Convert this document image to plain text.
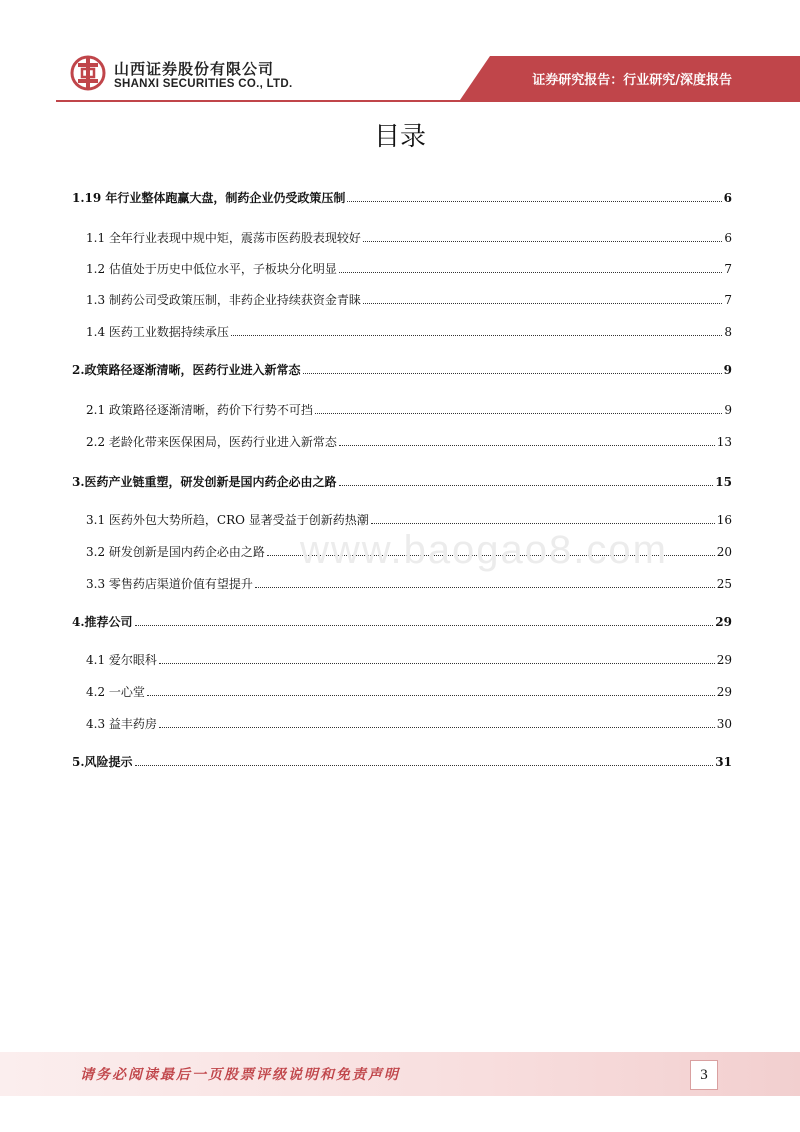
山西证券股份有限公司
SHANXI SECURITIES CO., LTD.	证券研究报告：行业研究/深度报告
目录
1.19 年行业整体跑赢大盘，制药企业仍受政策压制	6
1.1 全年行业表现中规中矩，震荡市医药股表现较好	6
1.2 估值处于历史中低位水平，子板块分化明显	7
1.3 制药公司受政策压制，非药企业持续获资金青睐	7
1.4 医药工业数据持续承压	8
2.政策路径逐渐清晰，医药行业进入新常态	9
2.1 政策路径逐渐清晰，药价下行势不可挡	9
2.2 老龄化带来医保困局，医药行业进入新常态	13
3.医药产业链重塑，研发创新是国内药企必由之路	15
3.1 医药外包大势所趋，CRO 显著受益于创新药热潮	16
3.2 研发创新是国内药企必由之路	20
3.3 零售药店渠道价值有望提升	25
4.推荐公司	29
4.1 爱尔眼科	29
4.2 一心堂	29
4.3 益丰药房	30
5.风险提示	31
www.baogao8.com
请务必阅读最后一页股票评级说明和免责声明	3
